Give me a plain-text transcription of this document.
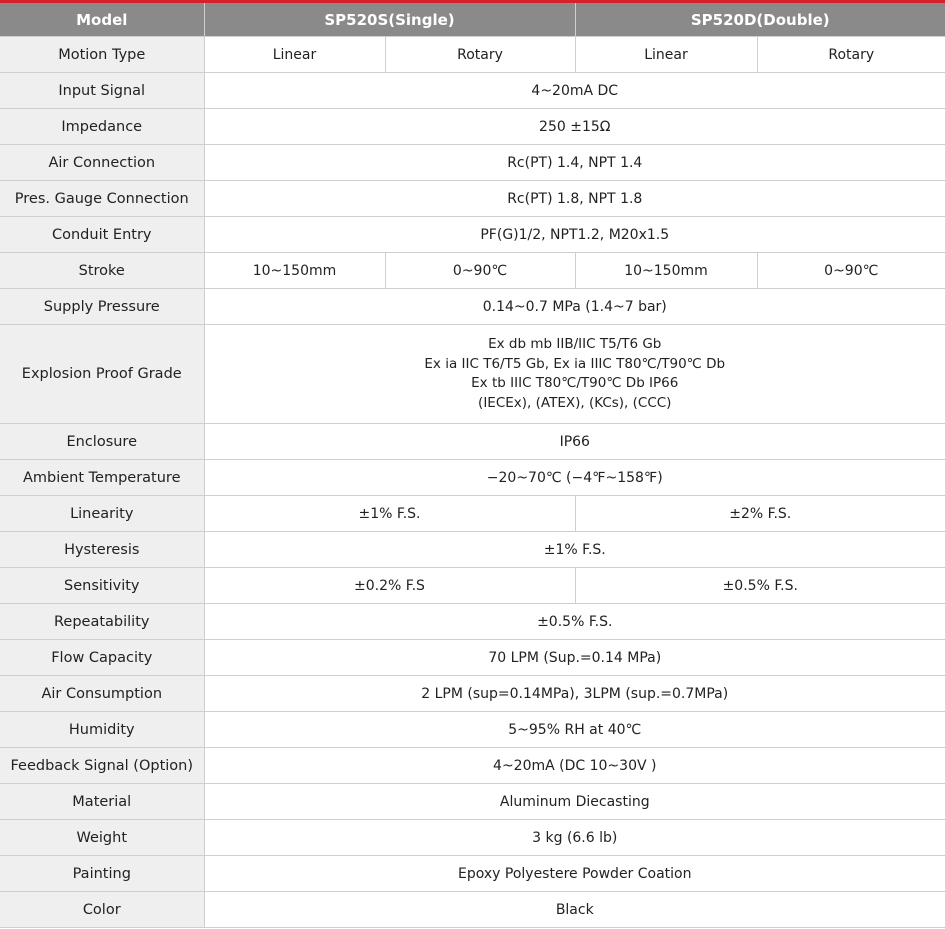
Model	SP520S(Single)		SP520D(Double)	
Motion Type	Linear	Rotary	Linear	Rotary
Input Signal	4~20mA DC			
Impedance	250 ±15Ω			
Air Connection	Rc(PT) 1.4, NPT 1.4			
Pres. Gauge Connection	Rc(PT) 1.8, NPT 1.8			
Conduit Entry	PF(G)1/2, NPT1.2, M20x1.5			
Stroke	10~150mm	0~90℃	10~150mm	0~90℃
Supply Pressure	0.14~0.7 MPa (1.4~7 bar)			
Explosion Proof Grade	Ex db mb IIB/IIC T5/T6 Gb
Ex ia IIC T6/T5 Gb, Ex ia IIIC T80℃/T90℃ Db
Ex tb IIIC T80℃/T90℃ Db IP66
(IECEx), (ATEX), (KCs), (CCC)			

Enclosure	IP66			
Ambient Temperature	−20~70℃ (−4℉~158℉)			
Linearity	±1% F.S.		±2% F.S.	
Hysteresis	±1% F.S.			
Sensitivity	±0.2% F.S		±0.5% F.S.	
Repeatability	±0.5% F.S.			
Flow Capacity	70 LPM (Sup.=0.14 MPa)			
Air Consumption	2 LPM (sup=0.14MPa), 3LPM (sup.=0.7MPa)			
Humidity	5~95% RH at 40℃			
Feedback Signal (Option)	4~20mA (DC 10~30V )			
Material	Aluminum Diecasting			
Weight	3 kg (6.6 lb)			
Painting	Epoxy Polyestere Powder Coation			
Color	Black			
